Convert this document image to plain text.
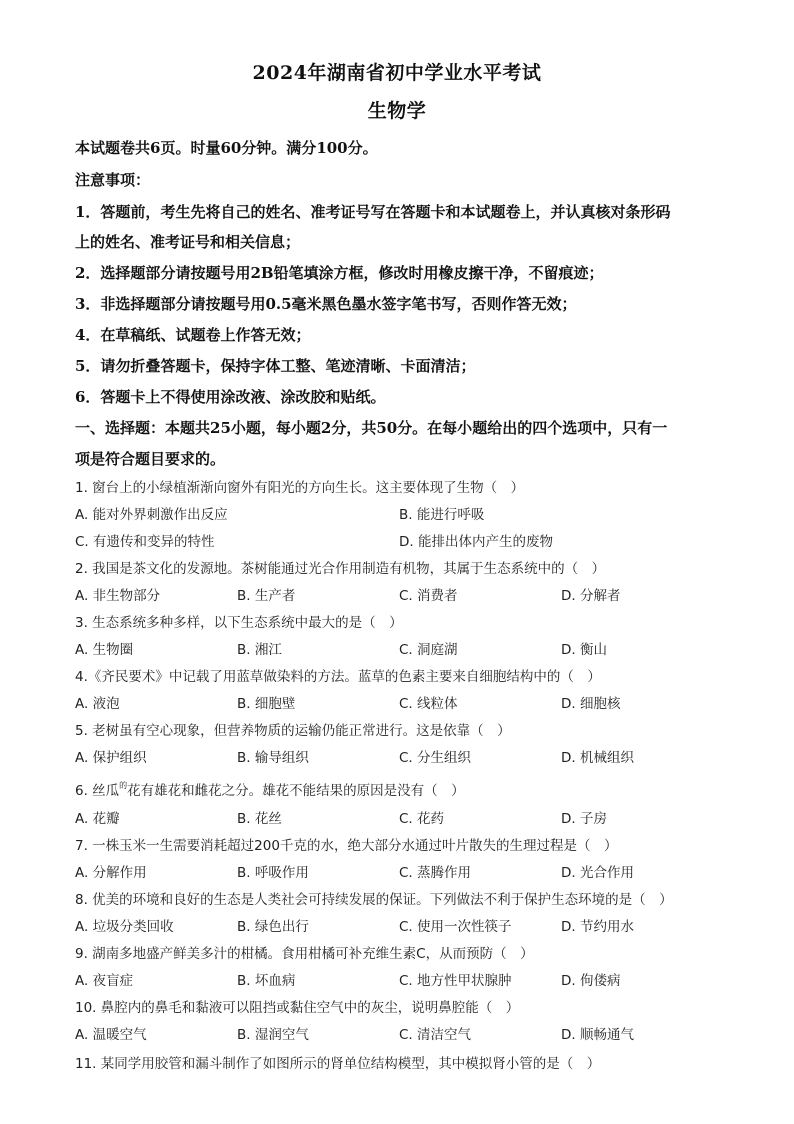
2024年湖南省初中学业水平考试
生物学
本试题卷共6页。时量60分钟。满分100分。
注意事项：
1．答题前，考生先将自己的姓名、准考证号写在答题卡和本试题卷上，并认真核对条形码
上的姓名、准考证号和相关信息；
2．选择题部分请按题号用2B铅笔填涂方框，修改时用橡皮擦干净，不留痕迹；
3．非选择题部分请按题号用0.5毫米黑色墨水签字笔书写，否则作答无效；
4．在草稿纸、试题卷上作答无效；
5．请勿折叠答题卡，保持字体工整、笔迹清晰、卡面清洁；
6．答题卡上不得使用涂改液、涂改胶和贴纸。
一、选择题：本题共25小题，每小题2分，共50分。在每小题给出的四个选项中，只有一
项是符合题目要求的。
1. 窗台上的小绿植渐渐向窗外有阳光的方向生长。这主要体现了生物（　）
A. 能对外界刺激作出反应	B. 能进行呼吸
C. 有遗传和变异的特性	D. 能排出体内产生的废物
2. 我国是茶文化的发源地。茶树能通过光合作用制造有机物，其属于生态系统中的（　）
A. 非生物部分	B. 生产者	C. 消费者	D. 分解者
3. 生态系统多种多样，以下生态系统中最大的是（　）
A. 生物圈	B. 湘江	C. 洞庭湖	D. 衡山
4.《齐民要术》中记载了用蓝草做染料的方法。蓝草的色素主要来自细胞结构中的（　）
A. 液泡	B. 细胞壁	C. 线粒体	D. 细胞核
5. 老树虽有空心现象，但营养物质的运输仍能正常进行。这是依靠（　）
A. 保护组织	B. 输导组织	C. 分生组织	D. 机械组织
6. 丝瓜$^的$花有雄花和雌花之分。雄花不能结果的原因是没有（　）
A. 花瓣	B. 花丝	C. 花药	D. 子房
7. 一株玉米一生需要消耗超过200千克的水，绝大部分水通过叶片散失的生理过程是（　）
A. 分解作用	B. 呼吸作用	C. 蒸腾作用	D. 光合作用
8. 优美的环境和良好的生态是人类社会可持续发展的保证。下列做法不利于保护生态环境的是（　）
A. 垃圾分类回收	B. 绿色出行	C. 使用一次性筷子	D. 节约用水
9. 湖南多地盛产鲜美多汁的柑橘。食用柑橘可补充维生素C，从而预防（　）
A. 夜盲症	B. 坏血病	C. 地方性甲状腺肿	D. 佝偻病
10. 鼻腔内的鼻毛和黏液可以阻挡或黏住空气中的灰尘，说明鼻腔能（　）
A. 温暖空气	B. 湿润空气	C. 清洁空气	D. 顺畅通气
11. 某同学用胶管和漏斗制作了如图所示的肾单位结构模型，其中模拟肾小管的是（　）
